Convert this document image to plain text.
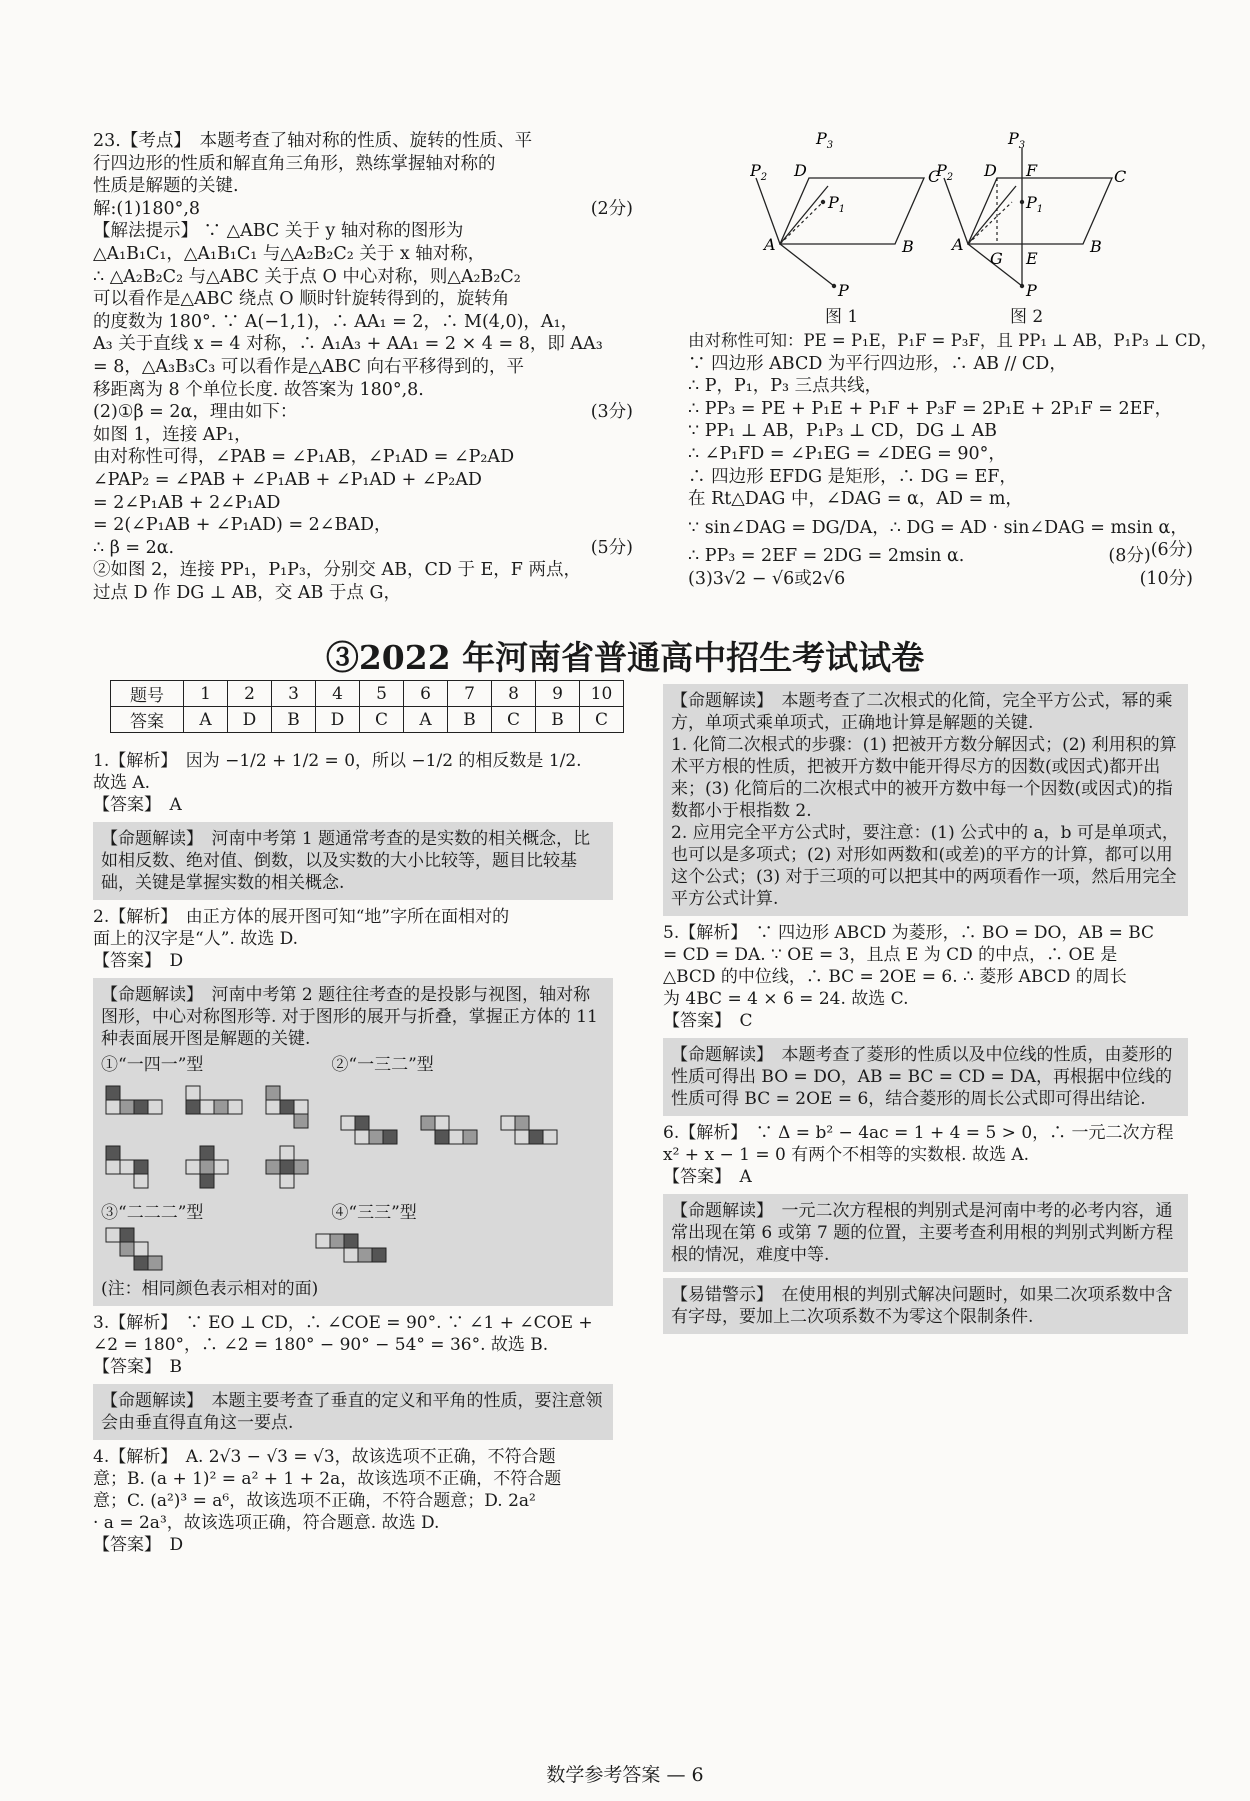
23.【考点】　本题考查了轴对称的性质、旋转的性质、平
行四边形的性质和解直角三角形，熟练掌握轴对称的
性质是解题的关键.
解:(1)180°,8	(2分)
【解法提示】 ∵ △ABC 关于 y 轴对称的图形为
△A₁B₁C₁，△A₁B₁C₁ 与△A₂B₂C₂ 关于 x 轴对称，
∴ △A₂B₂C₂ 与△ABC 关于点 O 中心对称，则△A₂B₂C₂
可以看作是△ABC 绕点 O 顺时针旋转得到的，旋转角
的度数为 180°. ∵ A(−1,1)，∴ AA₁ = 2，∴ M(4,0)，A₁，
A₃ 关于直线 x = 4 对称，∴ A₁A₃ + AA₁ = 2 × 4 = 8，即 AA₃
= 8，△A₃B₃C₃ 可以看作是△ABC 向右平移得到的，平
移距离为 8 个单位长度. 故答案为 180°,8.
(2)①β = 2α，理由如下：	(3分)
如图 1，连接 AP₁，
由对称性可得，∠PAB = ∠P₁AB，∠P₁AD = ∠P₂AD
∠PAP₂ = ∠PAB + ∠P₁AB + ∠P₁AD + ∠P₂AD
= 2∠P₁AB + 2∠P₁AD
= 2(∠P₁AB + ∠P₁AD) = 2∠BAD，
∴ β = 2α.	(5分)
②如图 2，连接 PP₁，P₁P₃，分别交 AB，CD 于 E，F 两点，
过点 D 作 DG ⊥ AB，交 AB 于点 G，
$P_3$
$P_2$ D	C
$P_1$
A	B
P
$P_3$
$P_2$ D F	C
$P_1$
A
G E
B
P
图 1	图 2
由对称性可知：PE = P₁E，P₁F = P₃F，且 PP₁ ⊥ AB，P₁P₃ ⊥ CD，
∵ 四边形 ABCD 为平行四边形，∴ AB // CD，
∴ P，P₁，P₃ 三点共线，
∴ PP₃ = PE + P₁E + P₁F + P₃F = 2P₁E + 2P₁F = 2EF，
∵ PP₁ ⊥ AB，P₁P₃ ⊥ CD，DG ⊥ AB
∴ ∠P₁FD = ∠P₁EG = ∠DEG = 90°，
∴ 四边形 EFDG 是矩形，∴ DG = EF，
在 Rt△DAG 中，∠DAG = α，AD = m，
∵ sin∠DAG = DG/DA，∴ DG = AD · sin∠DAG = msin α，
(6分)
∴ PP₃ = 2EF = 2DG = 2msin α.	(8分)
(3)3√2 − √6或2√6	(10分)
③2022 年河南省普通高中招生考试试卷
题号	1	2	3	4	5	6	7	8	9	10
答案	A	D	B	D	C	A	B	C	B	C
1.【解析】　因为 −1/2 + 1/2 = 0，所以 −1/2 的相反数是 1/2.
故选 A.
【答案】　A
【命题解读】　河南中考第 1 题通常考查的是实数的相关概念，比如相反数、绝对值、倒数，以及实数的大小比较等，题目比较基础，关键是掌握实数的相关概念.
2.【解析】　由正方体的展开图可知“地”字所在面相对的
面上的汉字是“人”. 故选 D.
【答案】　D
【命题解读】　河南中考第 2 题往往考查的是投影与视图，轴对称图形，中心对称图形等. 对于图形的展开与折叠，掌握正方体的 11 种表面展开图是解题的关键.
①“一四一”型	②“一三二”型
③“二二二”型	④“三三”型
(注：相同颜色表示相对的面)
3.【解析】　∵ EO ⊥ CD，∴ ∠COE = 90°. ∵ ∠1 + ∠COE +
∠2 = 180°，∴ ∠2 = 180° − 90° − 54° = 36°. 故选 B.
【答案】　B
【命题解读】　本题主要考查了垂直的定义和平角的性质，要注意领会由垂直得直角这一要点.
4.【解析】　A. 2√3 − √3 = √3，故该选项不正确，不符合题
意；B. (a + 1)² = a² + 1 + 2a，故该选项不正确，不符合题
意；C. (a²)³ = a⁶，故该选项不正确，不符合题意；D. 2a²
· a = 2a³，故该选项正确，符合题意. 故选 D.
【答案】　D
【命题解读】　本题考查了二次根式的化简，完全平方公式，幂的乘方，单项式乘单项式，正确地计算是解题的关键.
1. 化简二次根式的步骤：(1) 把被开方数分解因式；(2) 利用积的算术平方根的性质，把被开方数中能开得尽方的因数(或因式)都开出来；(3) 化简后的二次根式中的被开方数中每一个因数(或因式)的指数都小于根指数 2.
2. 应用完全平方公式时，要注意：(1) 公式中的 a，b 可是单项式，也可以是多项式；(2) 对形如两数和(或差)的平方的计算，都可以用这个公式；(3) 对于三项的可以把其中的两项看作一项，然后用完全平方公式计算.
5.【解析】　∵ 四边形 ABCD 为菱形，∴ BO = DO，AB = BC
= CD = DA. ∵ OE = 3，且点 E 为 CD 的中点，∴ OE 是
△BCD 的中位线，∴ BC = 2OE = 6. ∴ 菱形 ABCD 的周长
为 4BC = 4 × 6 = 24. 故选 C.
【答案】　C
【命题解读】　本题考查了菱形的性质以及中位线的性质，由菱形的性质可得出 BO = DO，AB = BC = CD = DA，再根据中位线的性质可得 BC = 2OE = 6，结合菱形的周长公式即可得出结论.
6.【解析】　∵ Δ = b² − 4ac = 1 + 4 = 5 > 0，∴ 一元二次方程
x² + x − 1 = 0 有两个不相等的实数根. 故选 A.
【答案】　A
【命题解读】　一元二次方程根的判别式是河南中考的必考内容，通常出现在第 6 或第 7 题的位置，主要考查利用根的判别式判断方程根的情况，难度中等.
【易错警示】　在使用根的判别式解决问题时，如果二次项系数中含有字母，要加上二次项系数不为零这个限制条件.
数学参考答案 — 6
